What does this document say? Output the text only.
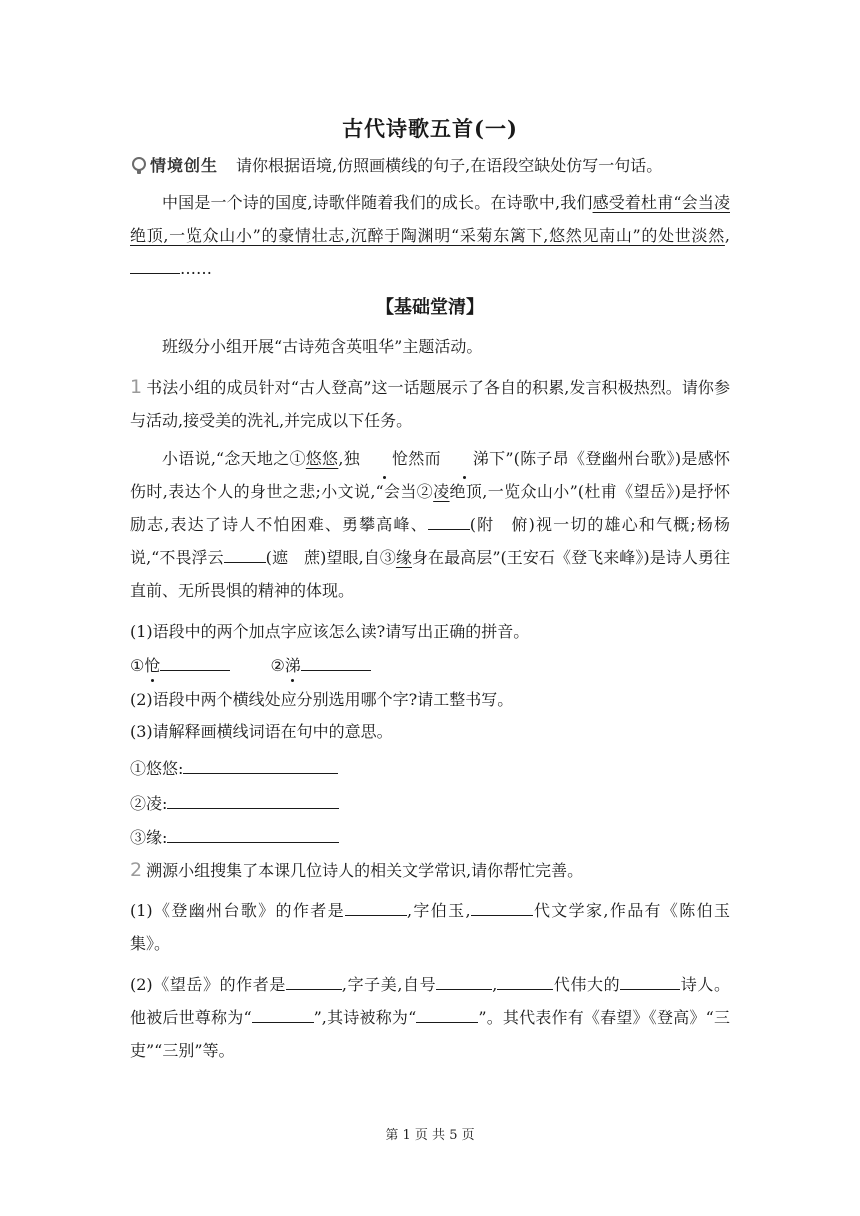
古代诗歌五首(一)
情境创生 请你根据语境,仿照画横线的句子,在语段空缺处仿写一句话。

中国是一个诗的国度,诗歌伴随着我们的成长。在诗歌中,我们感受着杜甫“会当凌绝顶,一览众山小”的豪情壮志,沉醉于陶渊明“采菊东篱下,悠然见南山”的处世淡然,……

【基础堂清】

班级分小组开展“古诗苑含英咀华”主题活动。

1 书法小组的成员针对“古人登高”这一话题展示了各自的积累,发言积极热烈。请你参与活动,接受美的洗礼,并完成以下任务。

小语说,“念天地之①悠悠,独 怆然而 涕下”(陈子昂《登幽州台歌》)是感怀伤时,表达个人的身世之悲;小文说,“会当②凌绝顶,一览众山小”(杜甫《望岳》)是抒怀励志,表达了诗人不怕困难、勇攀高峰、	(附　俯)视一切的雄心和气概;杨杨说,“不畏浮云	(遮　蔗)望眼,自③缘身在最高层”(王安石《登飞来峰》)是诗人勇往直前、无所畏惧的精神的体现。

(1)语段中的两个加点字应该怎么读?请写出正确的拼音。
①怆	②涕
(2)语段中两个横线处应分别选用哪个字?请工整书写。
(3)请解释画横线词语在句中的意思。
①悠悠:
②凌:
③缘:
2 溯源小组搜集了本课几位诗人的相关文学常识,请你帮忙完善。

(1)《登幽州台歌》的作者是	,字伯玉,	代文学家,作品有《陈伯玉集》。

(2)《望岳》的作者是	,字子美,自号	,	代伟大的	诗人。他被后世尊称为“	”,其诗被称为“	”。其代表作有《春望》《登高》“三吏”“三别”等。

第 1 页 共 5 页
